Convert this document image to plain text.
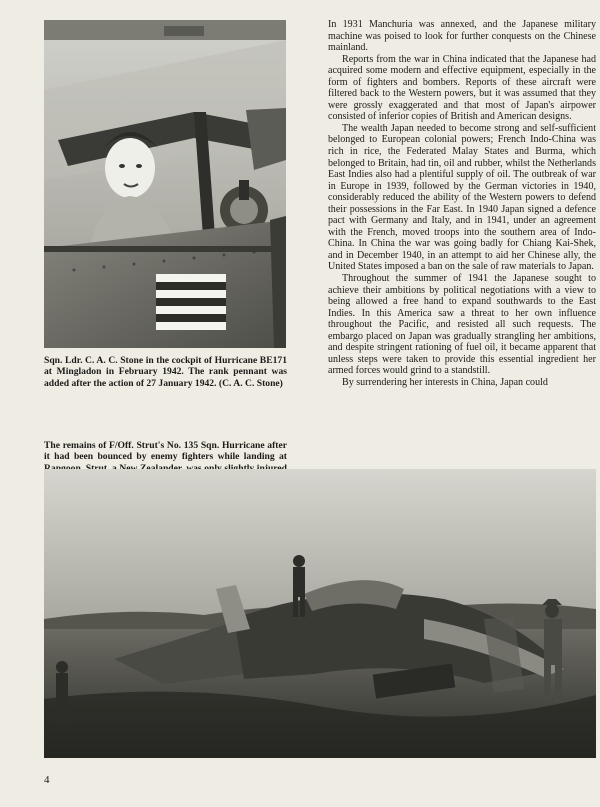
Sqn. Ldr. C. A. C. Stone in the cockpit of Hurricane BE171 at Mingladon in February 1942. The rank pennant was added after the action of 27 January 1942. (C. A. C. Stone)

The remains of F/Off. Strut's No. 135 Sqn. Hurricane after it had been bounced by enemy fighters while landing at

In 1931 Manchuria was annexed, and the Japanese military machine was poised to look for further conquests on the Chinese mainland.

Reports from the war in China indicated that the Japanese had acquired some modern and effective equipment, especially in the form of fighters and bombers. Reports of these aircraft were filtered back to the Western powers, but it was assumed that they were grossly exaggerated and that most of Japan's airpower consisted of inferior copies of British and American designs.

The wealth Japan needed to become strong and self-sufficient belonged to European colonial powers; French Indo-China was rich in rice, the Federated Malay States and Burma, which belonged to Britain, had tin, oil and rubber, whilst the Netherlands East Indies also had a plentiful supply of oil. The outbreak of war in Europe in 1939, followed by the German victories in 1940, considerably reduced the ability of the Western powers to defend their possessions in the Far East. In 1940 Japan signed a defence pact with Germany and Italy, and in 1941, under an agreement with the French, moved troops into the southern area of Indo-China. In China the war was going badly for Chiang Kai-Shek, and in December 1940, in an attempt to aid her Chinese ally, the United States imposed a ban on the sale of raw materials to Japan.

Throughout the summer of 1941 the Japanese sought to achieve their ambitions by political negotiations with a view to being allowed a free hand to expand southwards to the East Indies. In this America saw a threat to her own influence throughout the Pacific, and resisted all such requests. The embargo placed on Japan was gradually strangling her ambitions, and despite stringent rationing of fuel oil, it became apparent that unless steps were taken to provide this essential ingredient her armed forces would grind to a standstill.

By surrendering her interests in China, Japan could

4
